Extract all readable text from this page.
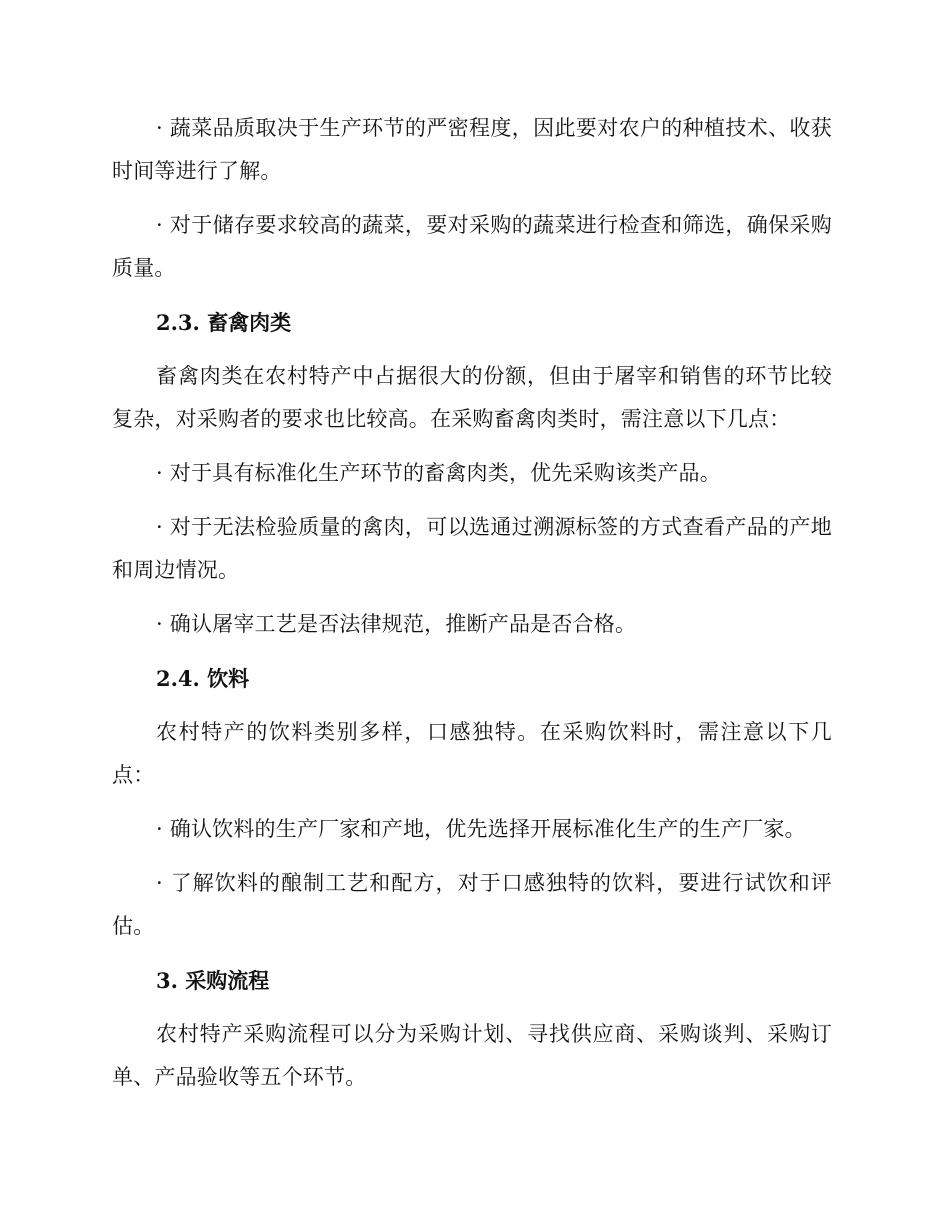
· 蔬菜品质取决于生产环节的严密程度，因此要对农户的种植技术、收获时间等进行了解。

· 对于储存要求较高的蔬菜，要对采购的蔬菜进行检查和筛选，确保采购质量。

2.3. 畜禽肉类

畜禽肉类在农村特产中占据很大的份额，但由于屠宰和销售的环节比较复杂，对采购者的要求也比较高。在采购畜禽肉类时，需注意以下几点：

· 对于具有标准化生产环节的畜禽肉类，优先采购该类产品。

· 对于无法检验质量的禽肉，可以选通过溯源标签的方式查看产品的产地和周边情况。

· 确认屠宰工艺是否法律规范，推断产品是否合格。

2.4. 饮料

农村特产的饮料类别多样，口感独特。在采购饮料时，需注意以下几点：

· 确认饮料的生产厂家和产地，优先选择开展标准化生产的生产厂家。

· 了解饮料的酿制工艺和配方，对于口感独特的饮料，要进行试饮和评估。

3. 采购流程

农村特产采购流程可以分为采购计划、寻找供应商、采购谈判、采购订单、产品验收等五个环节。
